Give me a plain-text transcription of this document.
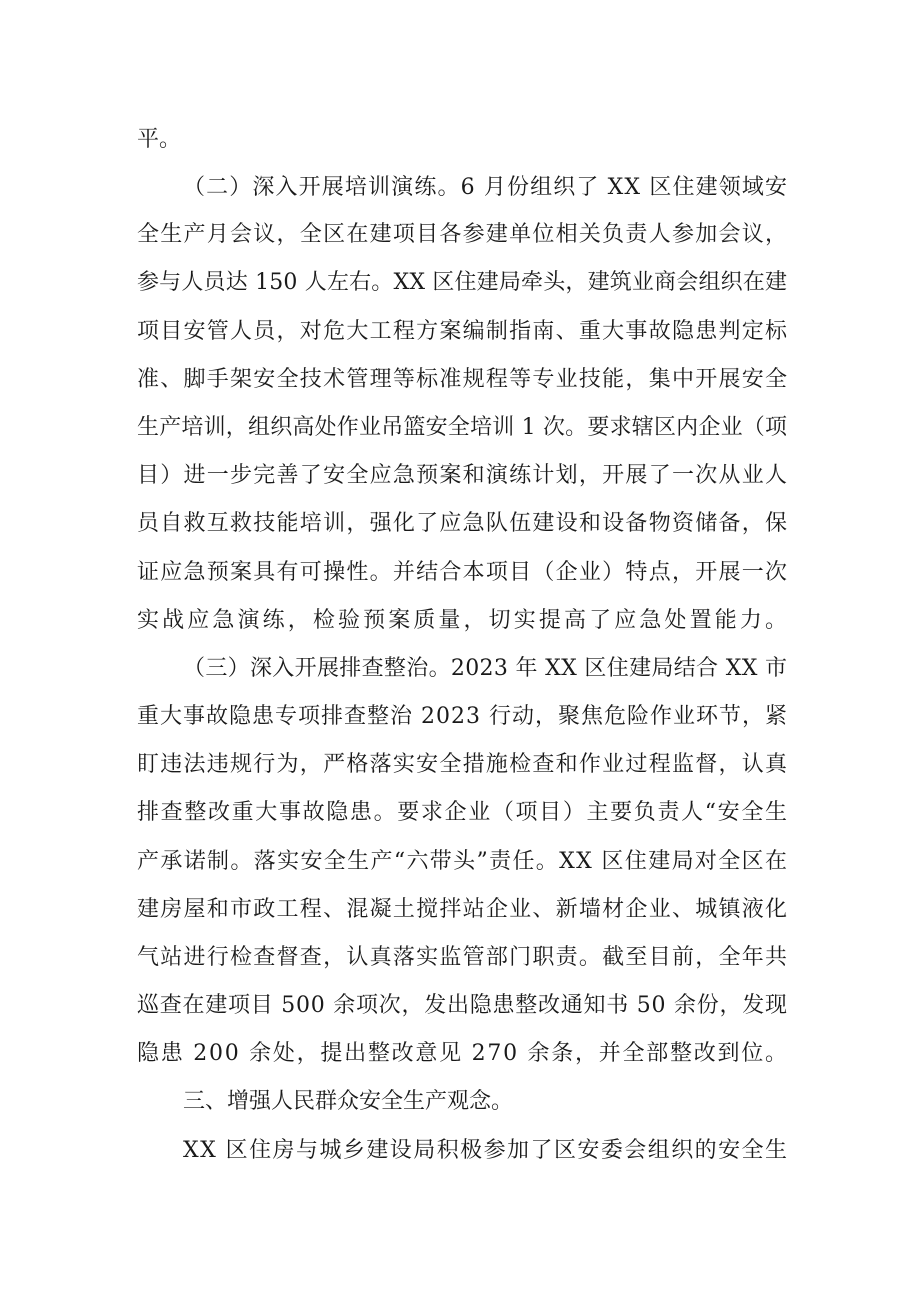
平。
（二）深入开展培训演练。6 月份组织了 XX 区住建领域安
全生产月会议，全区在建项目各参建单位相关负责人参加会议，
参与人员达 150 人左右。XX 区住建局牵头，建筑业商会组织在建
项目安管人员，对危大工程方案编制指南、重大事故隐患判定标
准、脚手架安全技术管理等标准规程等专业技能，集中开展安全
生产培训，组织高处作业吊篮安全培训 1 次。要求辖区内企业（项
目）进一步完善了安全应急预案和演练计划，开展了一次从业人
员自救互救技能培训，强化了应急队伍建设和设备物资储备，保
证应急预案具有可操性。并结合本项目（企业）特点，开展一次
实战应急演练，检验预案质量，切实提高了应急处置能力。
（三）深入开展排查整治。2023 年 XX 区住建局结合 XX 市
重大事故隐患专项排查整治 2023 行动，聚焦危险作业环节，紧
盯违法违规行为，严格落实安全措施检查和作业过程监督，认真
排查整改重大事故隐患。要求企业（项目）主要负责人“安全生
产承诺制。落实安全生产“六带头”责任。XX 区住建局对全区在
建房屋和市政工程、混凝土搅拌站企业、新墙材企业、城镇液化
气站进行检查督查，认真落实监管部门职责。截至目前，全年共
巡查在建项目 500 余项次，发出隐患整改通知书 50 余份，发现
隐患 200 余处，提出整改意见 270 余条，并全部整改到位。
三、增强人民群众安全生产观念。
XX 区住房与城乡建设局积极参加了区安委会组织的安全生
